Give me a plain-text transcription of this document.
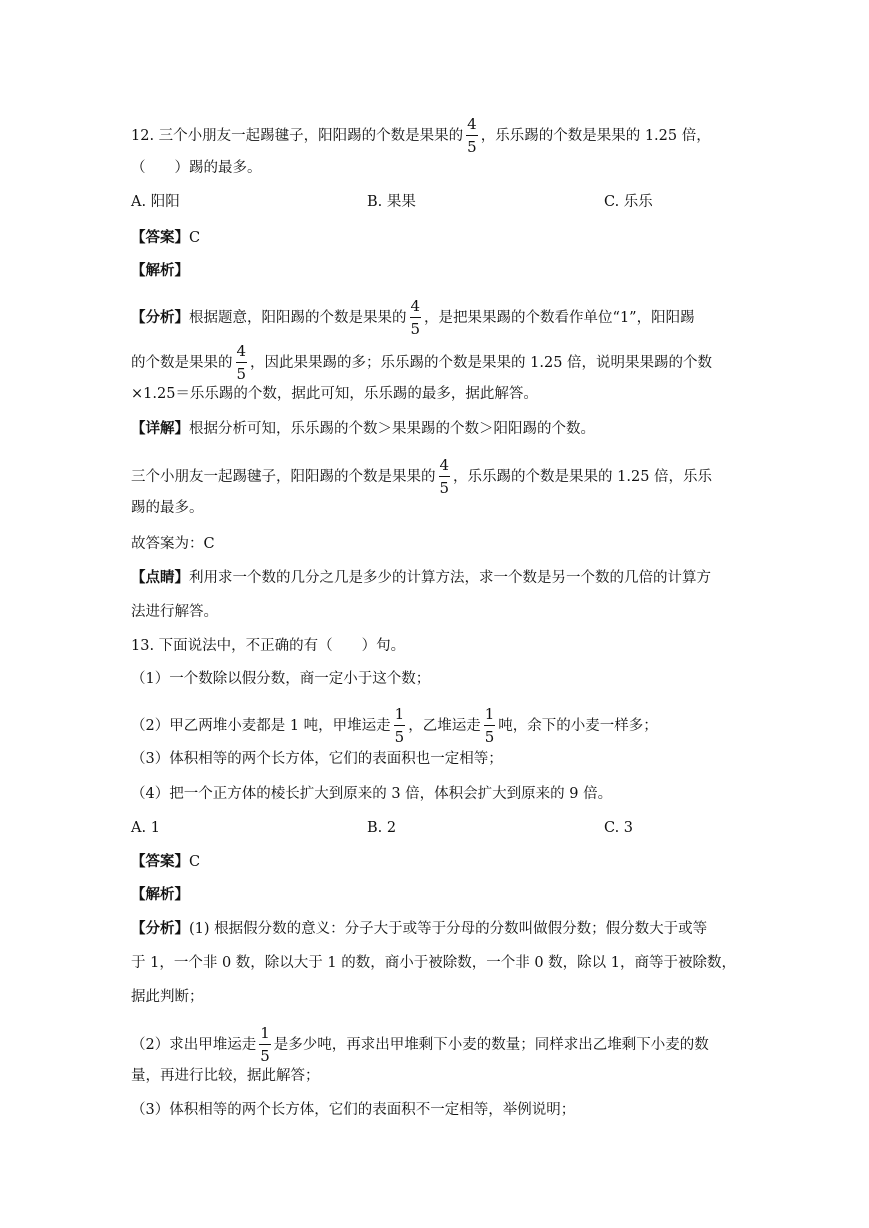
12. 三个小朋友一起踢毽子，阳阳踢的个数是果果的 $\frac{4}{5}$ ，乐乐踢的个数是果果的 1.25 倍，
（　　）踢的最多。
A. 阳阳	B. 果果	C. 乐乐
【答案】C
【解析】
【分析】根据题意，阳阳踢的个数是果果的 $\frac{4}{5}$ ，是把果果踢的个数看作单位“1”，阳阳踢
的个数是果果的 $\frac{4}{5}$ ，因此果果踢的多；乐乐踢的个数是果果的 1.25 倍，说明果果踢的个数
×1.25＝乐乐踢的个数，据此可知，乐乐踢的最多，据此解答。
【详解】根据分析可知，乐乐踢的个数＞果果踢的个数＞阳阳踢的个数。
三个小朋友一起踢毽子，阳阳踢的个数是果果的 $\frac{4}{5}$ ，乐乐踢的个数是果果的 1.25 倍，乐乐
踢的最多。
故答案为：C
【点睛】利用求一个数的几分之几是多少的计算方法，求一个数是另一个数的几倍的计算方
法进行解答。
13. 下面说法中，不正确的有（　　）句。
（1）一个数除以假分数，商一定小于这个数；
（2）甲乙两堆小麦都是 1 吨，甲堆运走 $\frac{1}{5}$ ，乙堆运走 $\frac{1}{5}$ 吨，余下的小麦一样多；
（3）体积相等的两个长方体，它们的表面积也一定相等；
（4）把一个正方体的棱长扩大到原来的 3 倍，体积会扩大到原来的 9 倍。
A. 1	B. 2	C. 3
【答案】C
【解析】
【分析】(1) 根据假分数的意义：分子大于或等于分母的分数叫做假分数；假分数大于或等
于 1，一个非 0 数，除以大于 1 的数，商小于被除数，一个非 0 数，除以 1，商等于被除数，
据此判断；
（2）求出甲堆运走 $\frac{1}{5}$ 是多少吨，再求出甲堆剩下小麦的数量；同样求出乙堆剩下小麦的数
量，再进行比较，据此解答；
（3）体积相等的两个长方体，它们的表面积不一定相等，举例说明；
